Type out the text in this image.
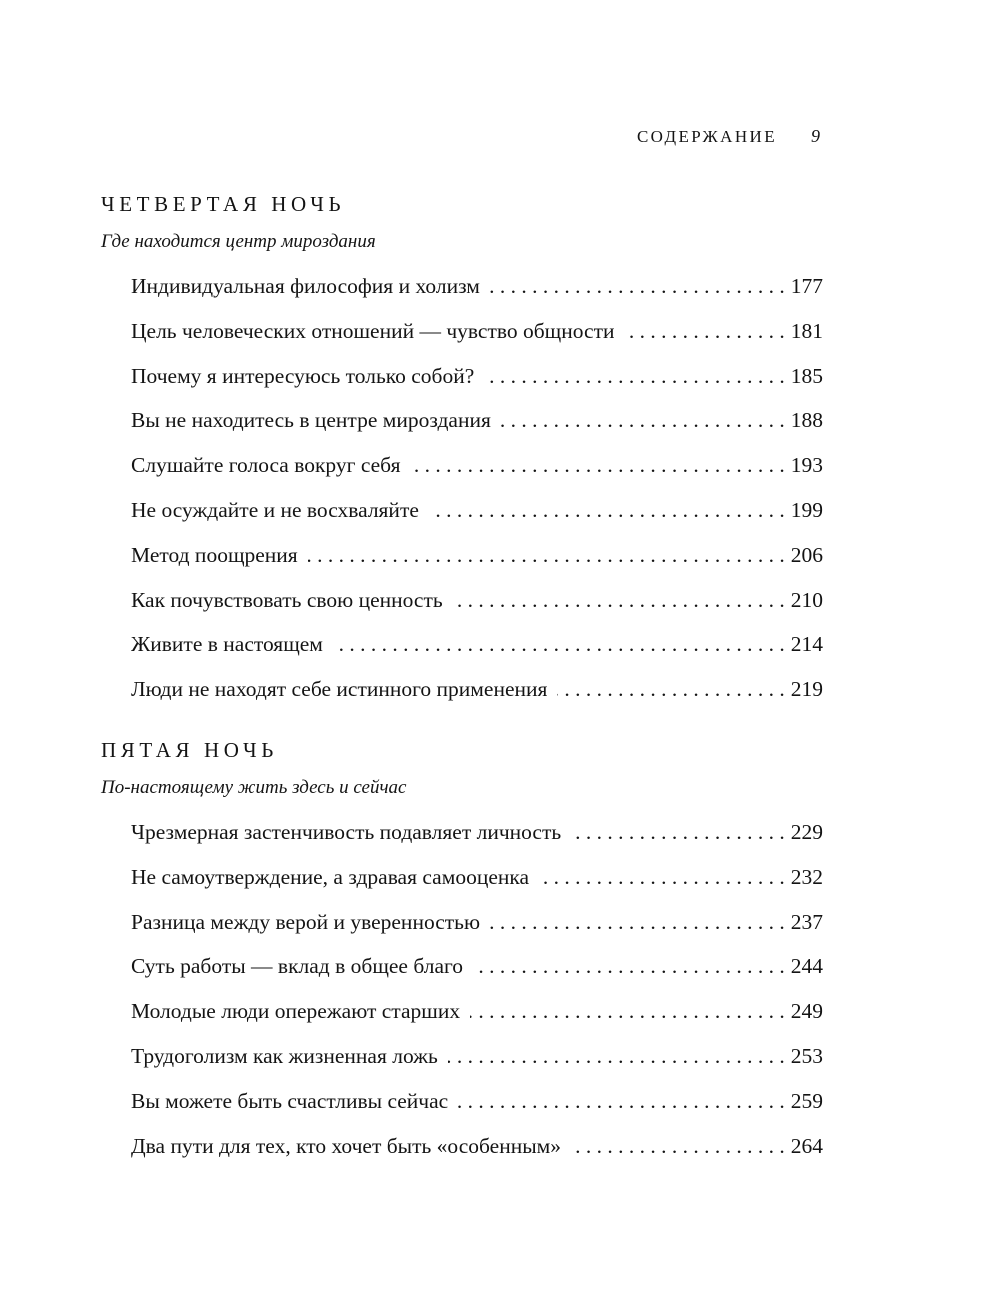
СОДЕРЖАНИЕ 9
ЧЕТВЕРТАЯ НОЧЬ
Где находится центр мироздания
Индивидуальная философия и холизм . . .	177
Цель человеческих отношений — чувство общности . . .	181
Почему я интересуюсь только собой? . . .	185
Вы не находитесь в центре мироздания . . .	188
Слушайте голоса вокруг себя . . .	193
Не осуждайте и не восхваляйте . . .	199
Метод поощрения . . .	206
Как почувствовать свою ценность . . .	210
Живите в настоящем . . .	214
Люди не находят себе истинного применения . . .	219
ПЯТАЯ НОЧЬ
По-настоящему жить здесь и сейчас
Чрезмерная застенчивость подавляет личность . . .	229
Не самоутверждение, а здравая самооценка . . .	232
Разница между верой и уверенностью . . .	237
Суть работы — вклад в общее благо . . .	244
Молодые люди опережают старших . . .	249
Трудоголизм как жизненная ложь . . .	253
Вы можете быть счастливы сейчас . . .	259
Два пути для тех, кто хочет быть «особенным» . . .	264
